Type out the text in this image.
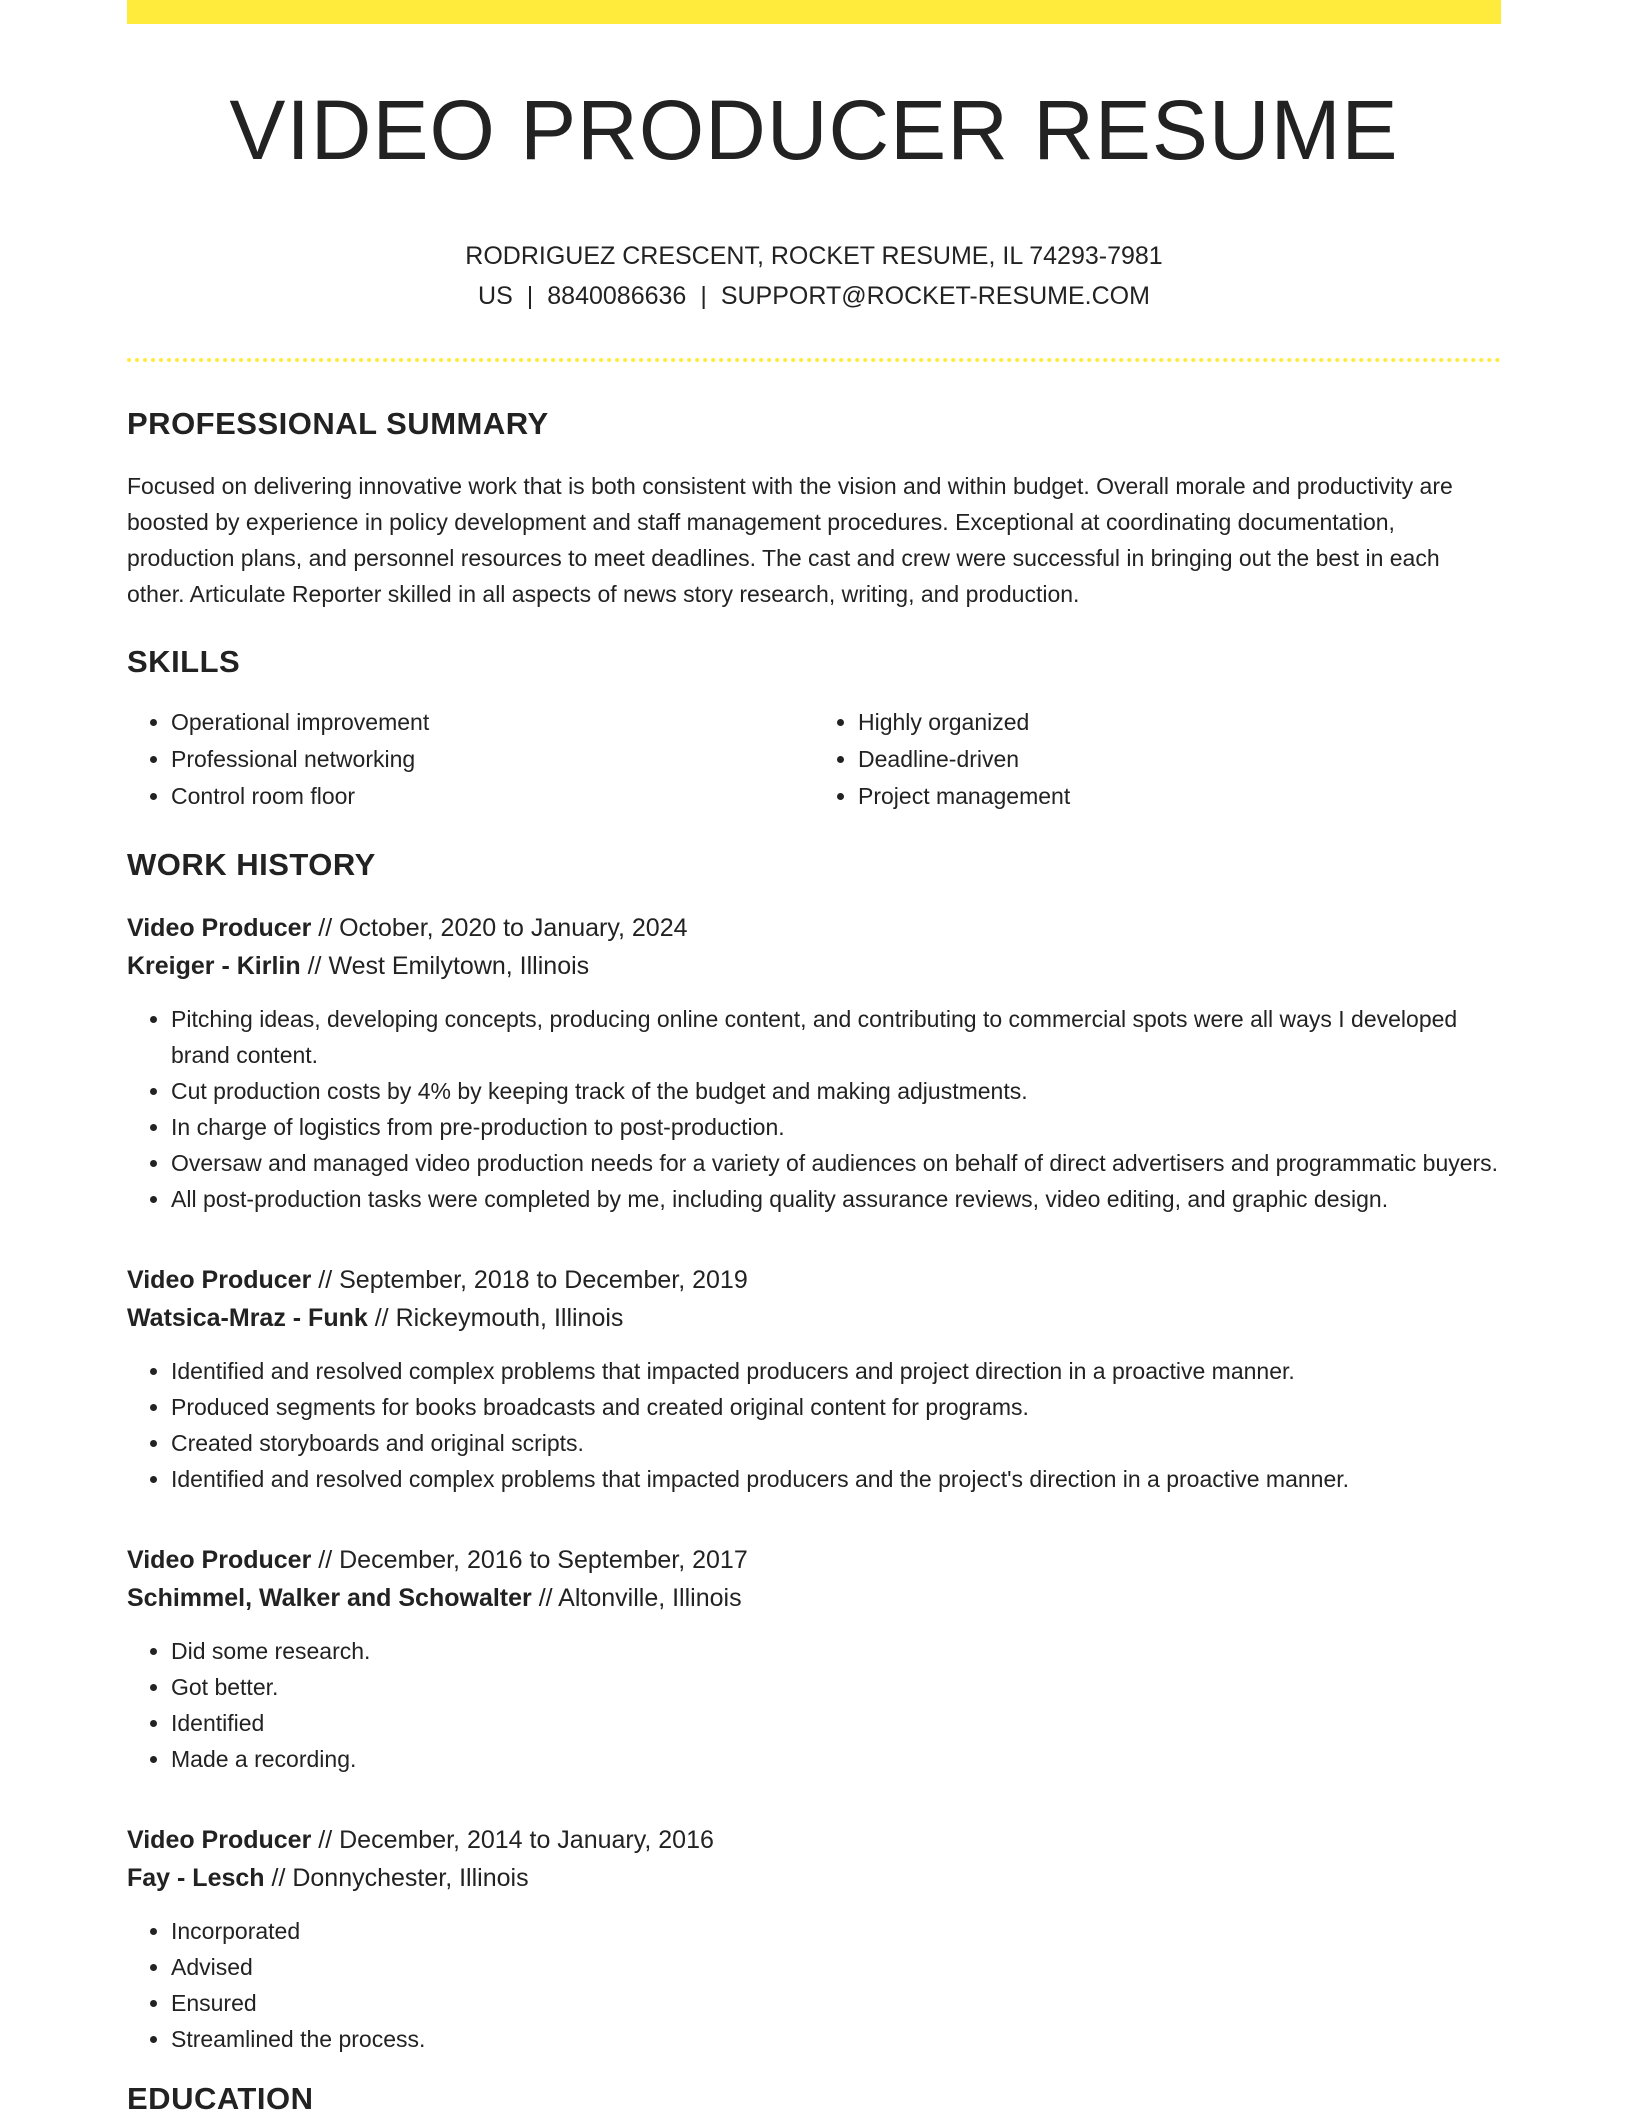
VIDEO PRODUCER RESUME
RODRIGUEZ CRESCENT, ROCKET RESUME, IL 74293-7981 US | 8840086636 | SUPPORT@ROCKET-RESUME.COM
PROFESSIONAL SUMMARY

Focused on delivering innovative work that is both consistent with the vision and within budget. Overall morale and productivity are boosted by experience in policy development and staff management procedures. Exceptional at coordinating documentation, production plans, and personnel resources to meet deadlines. The cast and crew were successful in bringing out the best in each other. Articulate Reporter skilled in all aspects of news story research, writing, and production.

SKILLS
• Operational improvement
• Professional networking
• Control room floor
• Highly organized
• Deadline-driven
• Project management
WORK HISTORY
Video Producer // October, 2020 to January, 2024
Kreiger - Kirlin // West Emilytown, Illinois
• Pitching ideas, developing concepts, producing online content, and contributing to commercial spots were all ways I developed brand content.
• Cut production costs by 4% by keeping track of the budget and making adjustments.
• In charge of logistics from pre-production to post-production.
• Oversaw and managed video production needs for a variety of audiences on behalf of direct advertisers and programmatic buyers.
• All post-production tasks were completed by me, including quality assurance reviews, video editing, and graphic design.
Video Producer // September, 2018 to December, 2019
Watsica-Mraz - Funk // Rickeymouth, Illinois
• Identified and resolved complex problems that impacted producers and project direction in a proactive manner.
• Produced segments for books broadcasts and created original content for programs.
• Created storyboards and original scripts.
• Identified and resolved complex problems that impacted producers and the project's direction in a proactive manner.
Video Producer // December, 2016 to September, 2017
Schimmel, Walker and Schowalter // Altonville, Illinois
• Did some research.
• Got better.
• Identified
• Made a recording.
Video Producer // December, 2014 to January, 2016
Fay - Lesch // Donnychester, Illinois
• Incorporated
• Advised
• Ensured
• Streamlined the process.
EDUCATION
